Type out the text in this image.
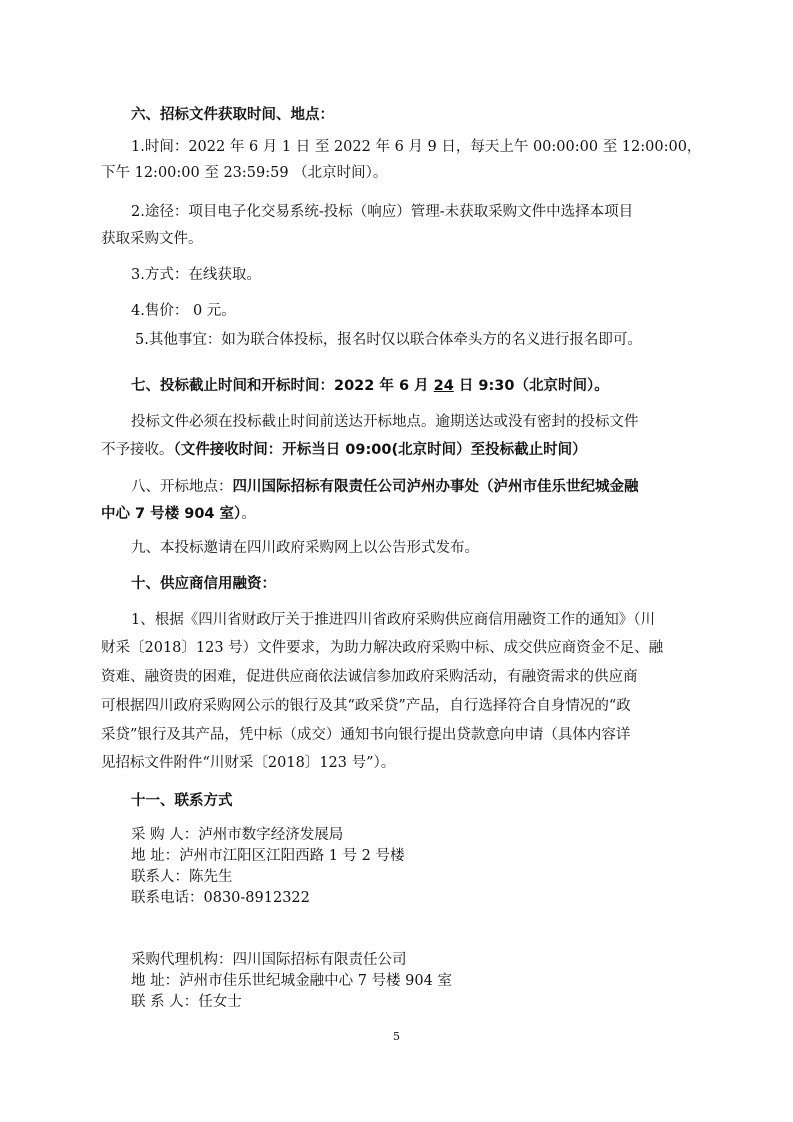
六、招标文件获取时间、地点：
1.时间：2022 年 6 月 1 日 至 2022 年 6 月 9 日，每天上午 00:00:00 至 12:00:00，
下午 12:00:00 至 23:59:59 （北京时间）。
2.途径：项目电子化交易系统-投标（响应）管理-未获取采购文件中选择本项目
获取采购文件。
3.方式：在线获取。
4.售价： 0 元。
5.其他事宜：如为联合体投标，报名时仅以联合体牵头方的名义进行报名即可。
七、投标截止时间和开标时间：2022 年 6 月 24 日 9:30（北京时间）。
投标文件必须在投标截止时间前送达开标地点。逾期送达或没有密封的投标文件
不予接收。（文件接收时间：开标当日 09:00(北京时间）至投标截止时间）
八、开标地点：四川国际招标有限责任公司泸州办事处（泸州市佳乐世纪城金融
中心 7 号楼 904 室）。
九、本投标邀请在四川政府采购网上以公告形式发布。
十、供应商信用融资：
1、根据《四川省财政厅关于推进四川省政府采购供应商信用融资工作的通知》（川
财采〔2018〕123 号）文件要求，为助力解决政府采购中标、成交供应商资金不足、融
资难、融资贵的困难，促进供应商依法诚信参加政府采购活动，有融资需求的供应商
可根据四川政府采购网公示的银行及其“政采贷”产品，自行选择符合自身情况的“政
采贷”银行及其产品，凭中标（成交）通知书向银行提出贷款意向申请（具体内容详
见招标文件附件“川财采〔2018〕123 号”）。
十一、联系方式
采 购 人：泸州市数字经济发展局
地 址：泸州市江阳区江阳西路 1 号 2 号楼
联系人：陈先生
联系电话：0830-8912322
采购代理机构：四川国际招标有限责任公司
地 址：泸州市佳乐世纪城金融中心 7 号楼 904 室
联 系 人：任女士
5
